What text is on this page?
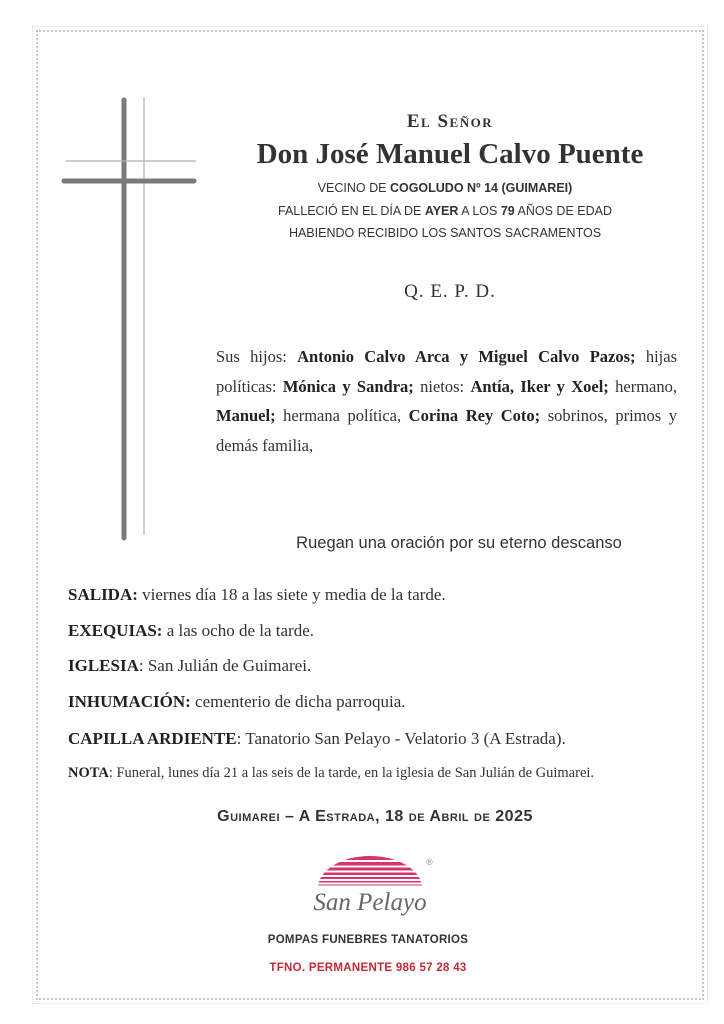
El Señor
Don José Manuel Calvo Puente
VECINO DE COGOLUDO Nº 14 (GUIMAREI)
FALLECIÓ EN EL DÍA DE AYER A LOS 79 AÑOS DE EDAD
HABIENDO RECIBIDO LOS SANTOS SACRAMENTOS
Q. E. P. D.
Sus hijos: Antonio Calvo Arca y Miguel Calvo Pazos; hijas políticas: Mónica y Sandra; nietos: Antía, Iker y Xoel; hermano, Manuel; hermana política, Corina Rey Coto; sobrinos, primos y demás familia,
Ruegan una oración por su eterno descanso
SALIDA: viernes día 18 a las siete y media de la tarde.
EXEQUIAS: a las ocho de la tarde.
IGLESIA: San Julián de Guimarei.
INHUMACIÓN: cementerio de dicha parroquia.
CAPILLA ARDIENTE: Tanatorio San Pelayo - Velatorio 3 (A Estrada).
NOTA: Funeral, lunes día 21 a las seis de la tarde, en la iglesia de San Julián de Guimarei.
Guimarei – A Estrada, 18 de Abril de 2025
®
San Pelayo
POMPAS FUNEBRES TANATORIOS
TFNO. PERMANENTE 986 57 28 43
